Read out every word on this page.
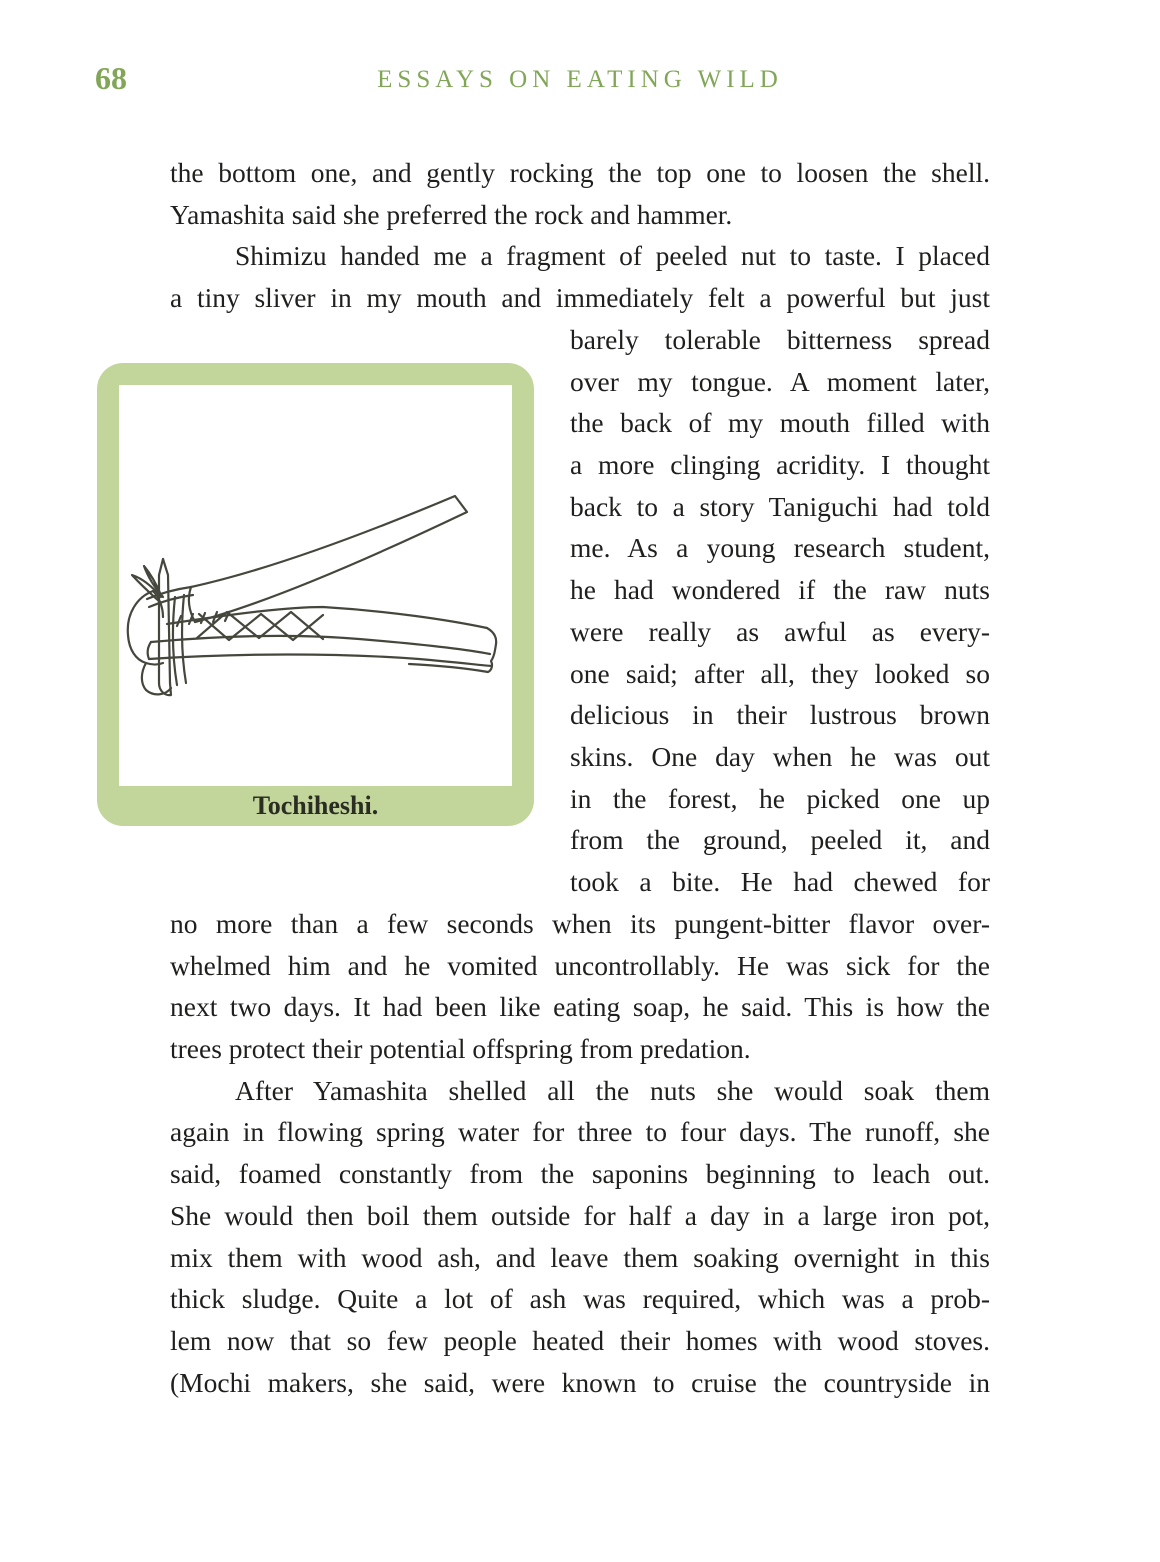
68	ESSAYS ON EATING WILD
the bottom one, and gently rocking the top one to loosen the shell.
Yamashita said she preferred the rock and hammer.
Shimizu handed me a fragment of peeled nut to taste. I placed
a tiny sliver in my mouth and immediately felt a powerful but just
Tochiheshi.
barely tolerable bitterness spread
over my tongue. A moment later,
the back of my mouth filled with
a more clinging acridity. I thought
back to a story Taniguchi had told
me. As a young research student,
he had wondered if the raw nuts
were really as awful as every-
one said; after all, they looked so
delicious in their lustrous brown
skins. One day when he was out
in the forest, he picked one up
from the ground, peeled it, and
took a bite. He had chewed for
no more than a few seconds when its pungent-bitter flavor over-
whelmed him and he vomited uncontrollably. He was sick for the
next two days. It had been like eating soap, he said. This is how the
trees protect their potential offspring from predation.
After Yamashita shelled all the nuts she would soak them
again in flowing spring water for three to four days. The runoff, she
said, foamed constantly from the saponins beginning to leach out.
She would then boil them outside for half a day in a large iron pot,
mix them with wood ash, and leave them soaking overnight in this
thick sludge. Quite a lot of ash was required, which was a prob-
lem now that so few people heated their homes with wood stoves.
(Mochi makers, she said, were known to cruise the countryside in
